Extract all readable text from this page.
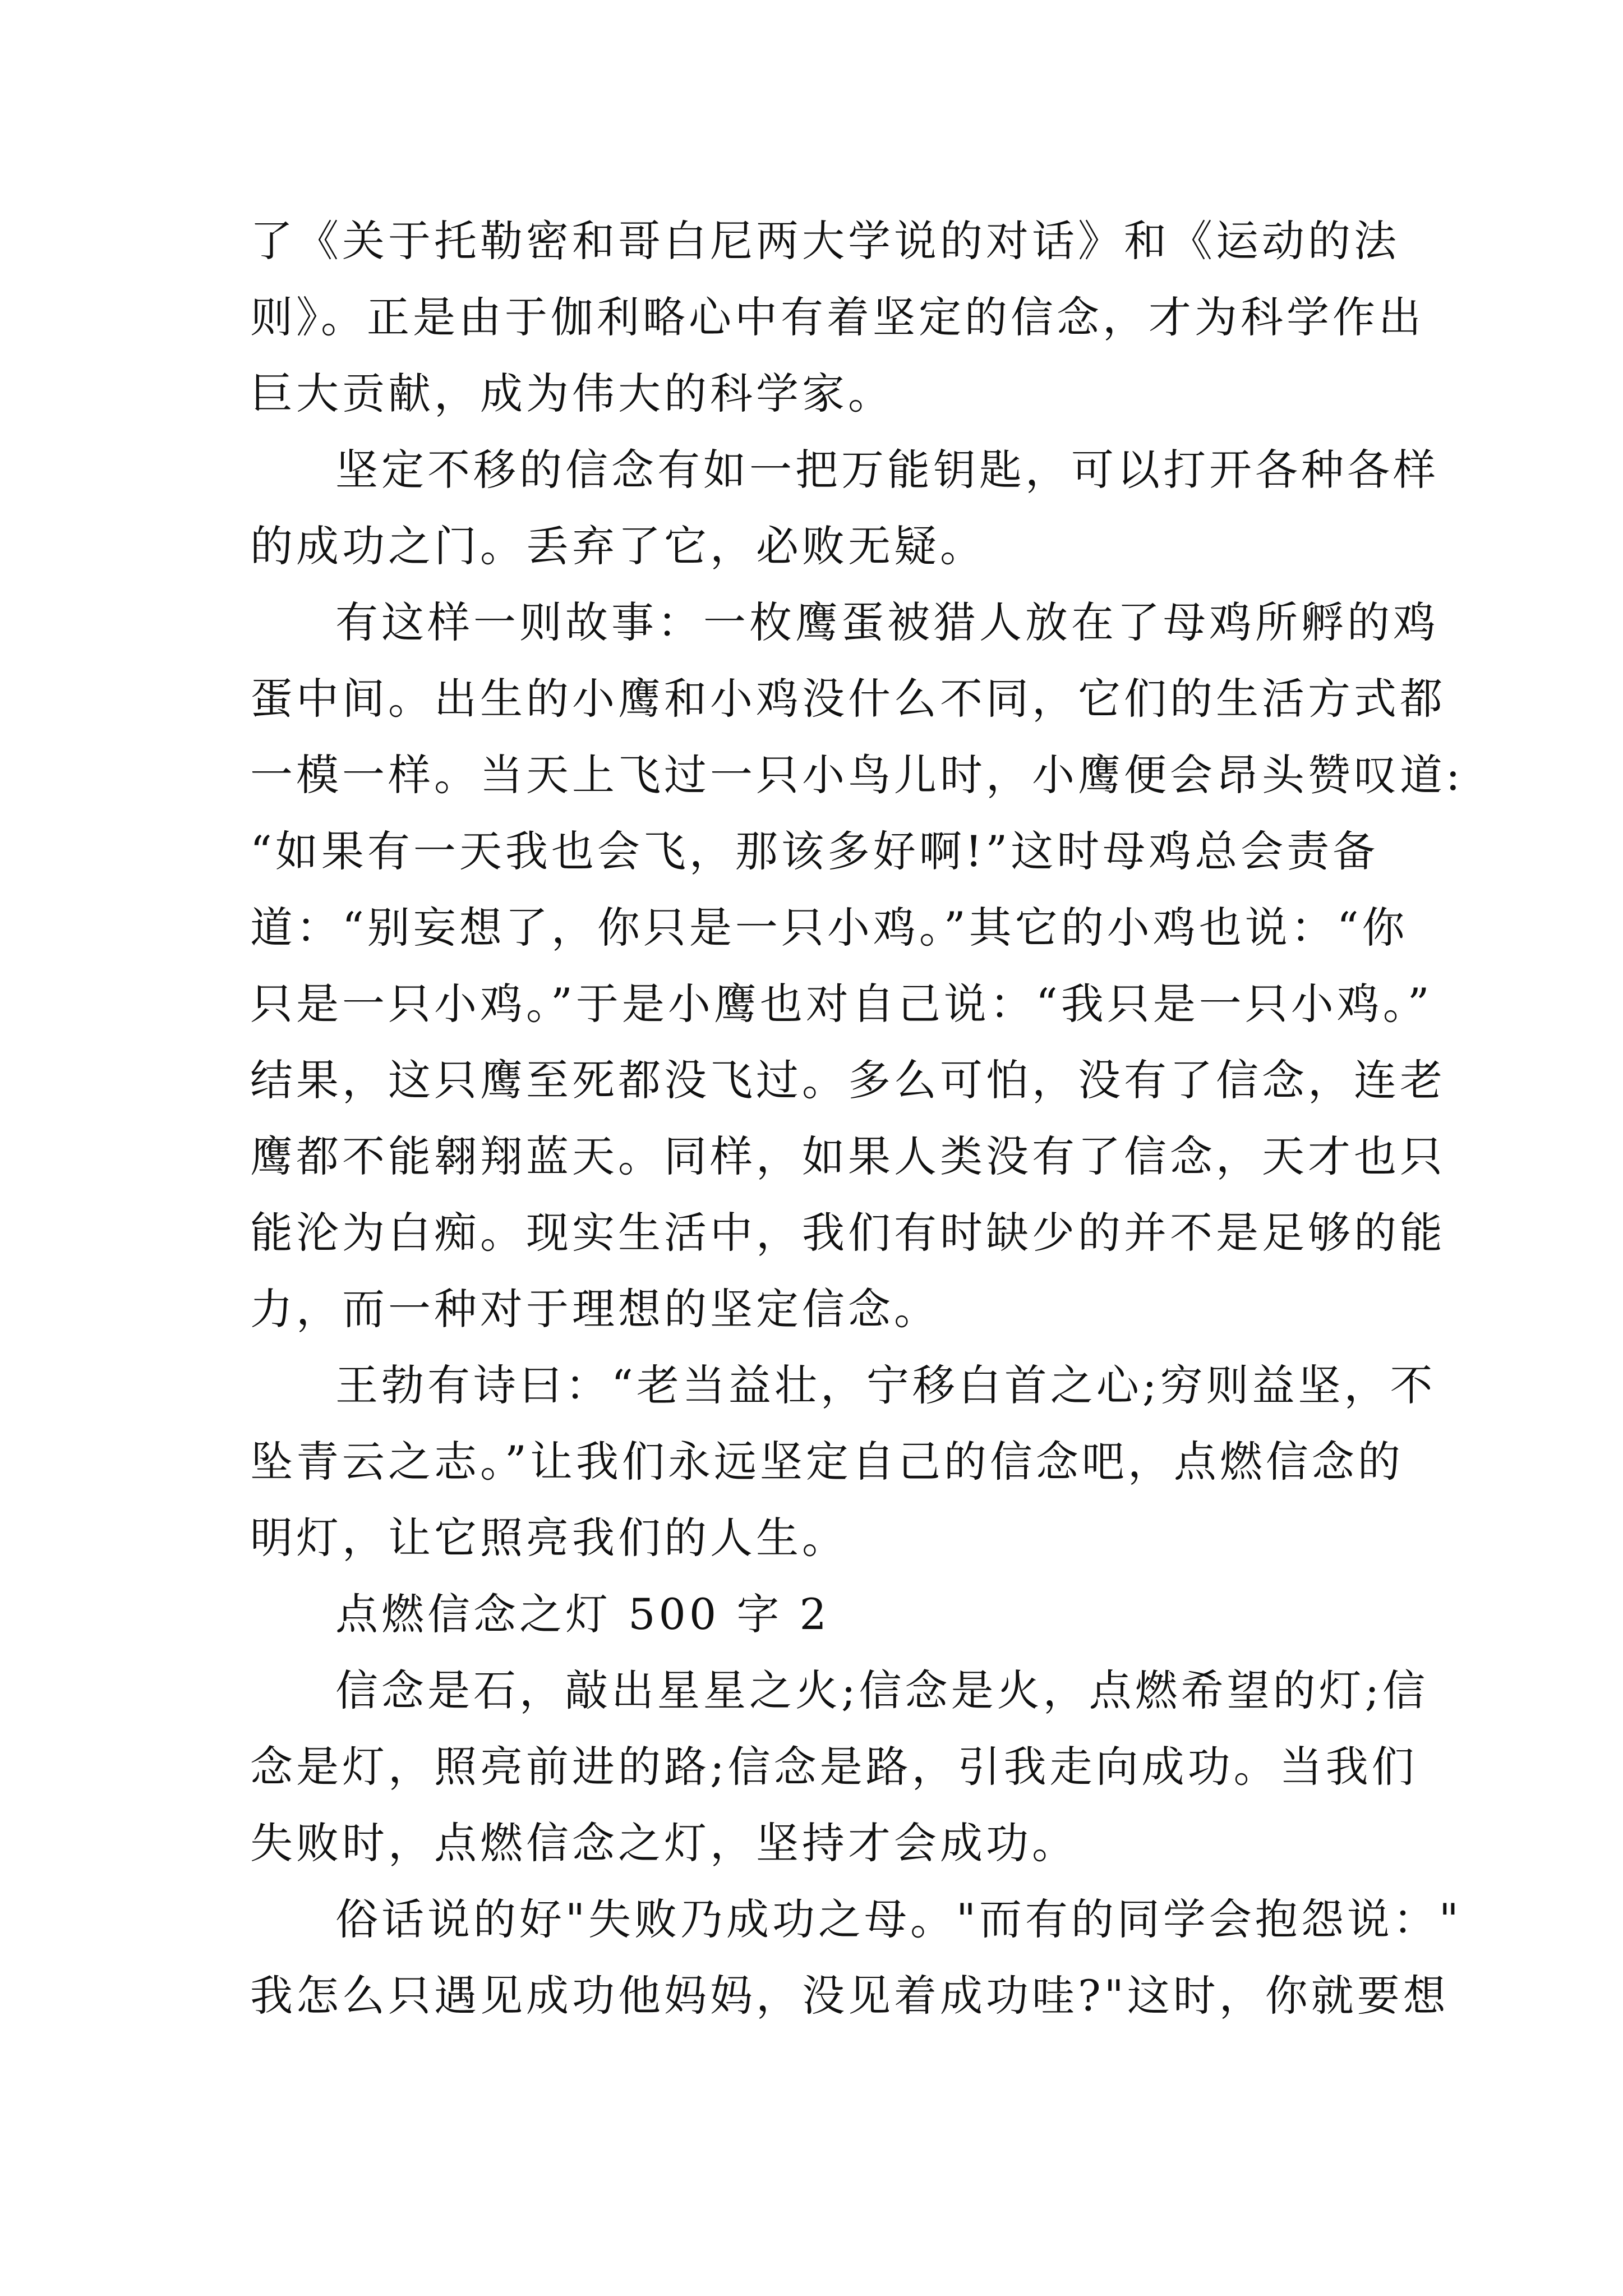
了《关于托勒密和哥白尼两大学说的对话》和《运动的法
则》。正是由于伽利略心中有着坚定的信念，才为科学作出
巨大贡献，成为伟大的科学家。
坚定不移的信念有如一把万能钥匙，可以打开各种各样
的成功之门。丢弃了它，必败无疑。
有这样一则故事：一枚鹰蛋被猎人放在了母鸡所孵的鸡
蛋中间。出生的小鹰和小鸡没什么不同，它们的生活方式都
一模一样。当天上飞过一只小鸟儿时，小鹰便会昂头赞叹道:
“如果有一天我也会飞，那该多好啊!”这时母鸡总会责备
道：“别妄想了，你只是一只小鸡。”其它的小鸡也说：“你
只是一只小鸡。”于是小鹰也对自己说：“我只是一只小鸡。”
结果，这只鹰至死都没飞过。多么可怕，没有了信念，连老
鹰都不能翱翔蓝天。同样，如果人类没有了信念，天才也只
能沦为白痴。现实生活中，我们有时缺少的并不是足够的能
力，而一种对于理想的坚定信念。
王勃有诗曰：“老当益壮，宁移白首之心;穷则益坚，不
坠青云之志。”让我们永远坚定自己的信念吧，点燃信念的
明灯，让它照亮我们的人生。
点燃信念之灯 500 字 2
信念是石，敲出星星之火;信念是火，点燃希望的灯;信
念是灯，照亮前进的路;信念是路，引我走向成功。当我们
失败时，点燃信念之灯，坚持才会成功。
俗话说的好"失败乃成功之母。"而有的同学会抱怨说："
我怎么只遇见成功他妈妈，没见着成功哇?"这时，你就要想
